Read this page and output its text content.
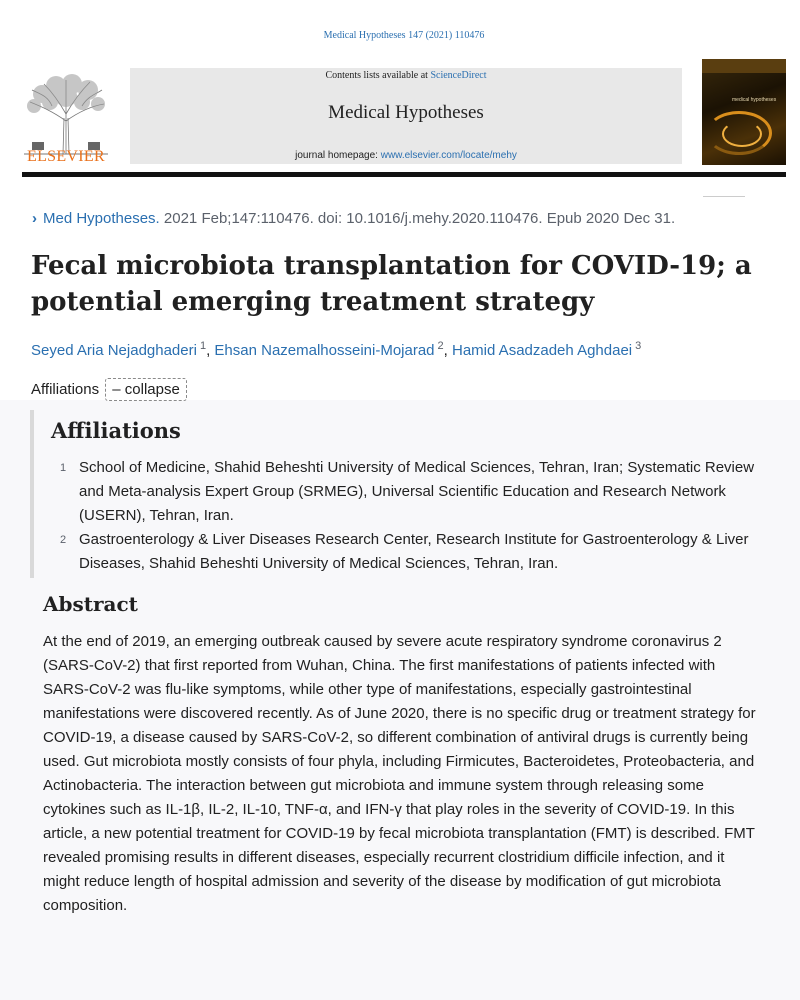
Medical Hypotheses 147 (2021) 110476
ELSEVIER
Contents lists available at ScienceDirect
Medical Hypotheses
journal homepage: www.elsevier.com/locate/mehy
medical hypotheses
› Med Hypotheses. 2021 Feb;147:110476. doi: 10.1016/j.mehy.2020.110476. Epub 2020 Dec 31.
Fecal microbiota transplantation for COVID-19; a potential emerging treatment strategy
Seyed Aria Nejadghaderi $^1$, Ehsan Nazemalhosseini-Mojarad $^2$, Hamid Asadzadeh Aghdaei $^3$
Affiliations – collapse
Affiliations
1 School of Medicine, Shahid Beheshti University of Medical Sciences, Tehran, Iran; Systematic Review and Meta-analysis Expert Group (SRMEG), Universal Scientific Education and Research Network (USERN), Tehran, Iran.
2 Gastroenterology & Liver Diseases Research Center, Research Institute for Gastroenterology & Liver Diseases, Shahid Beheshti University of Medical Sciences, Tehran, Iran.
Abstract

At the end of 2019, an emerging outbreak caused by severe acute respiratory syndrome coronavirus 2 (SARS-CoV-2) that first reported from Wuhan, China. The first manifestations of patients infected with SARS-CoV-2 was flu-like symptoms, while other type of manifestations, especially gastrointestinal manifestations were discovered recently. As of June 2020, there is no specific drug or treatment strategy for COVID-19, a disease caused by SARS-CoV-2, so different combination of antiviral drugs is currently being used. Gut microbiota mostly consists of four phyla, including Firmicutes, Bacteroidetes, Proteobacteria, and Actinobacteria. The interaction between gut microbiota and immune system through releasing some cytokines such as IL-1β, IL-2, IL-10, TNF-α, and IFN-γ that play roles in the severity of COVID-19. In this article, a new potential treatment for COVID-19 by fecal microbiota transplantation (FMT) is described. FMT revealed promising results in different diseases, especially recurrent clostridium difficile infection, and it might reduce length of hospital admission and severity of the disease by modification of gut microbiota composition.
